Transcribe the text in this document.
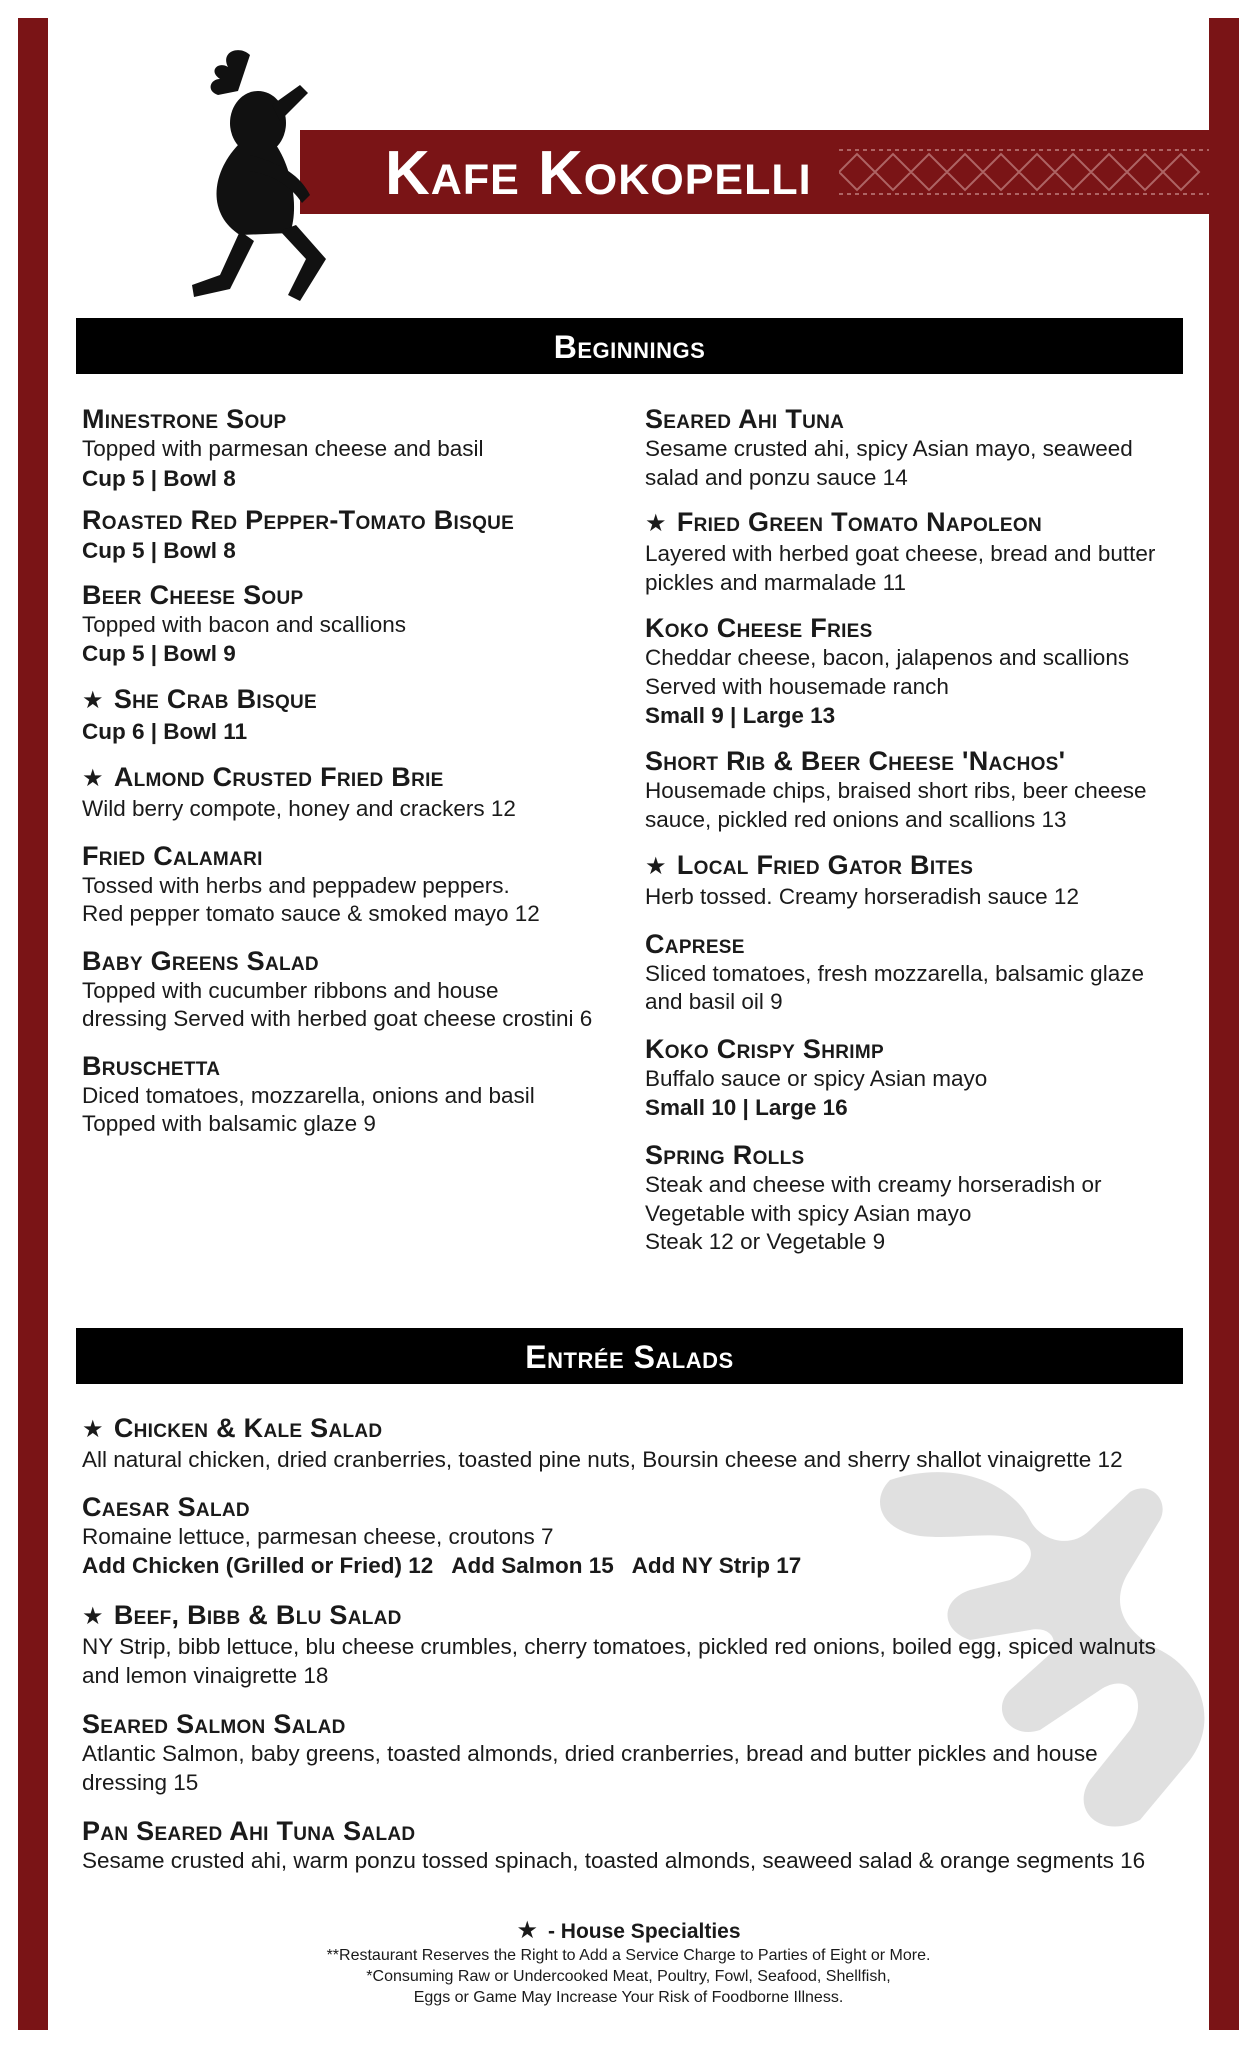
Kafe Kokopelli
Beginnings
Minestrone Soup
Topped with parmesan cheese and basil
Cup 5 | Bowl 8
Roasted Red Pepper-Tomato Bisque
Cup 5 | Bowl 8
Beer Cheese Soup
Topped with bacon and scallions
Cup 5 | Bowl 9
★ She Crab Bisque
Cup 6 | Bowl 11
★ Almond Crusted Fried Brie
Wild berry compote, honey and crackers 12
Fried Calamari
Tossed with herbs and peppadew peppers.
Red pepper tomato sauce & smoked mayo 12
Baby Greens Salad
Topped with cucumber ribbons and house
dressing Served with herbed goat cheese crostini 6
Bruschetta
Diced tomatoes, mozzarella, onions and basil
Topped with balsamic glaze 9
Seared Ahi Tuna
Sesame crusted ahi, spicy Asian mayo, seaweed
salad and ponzu sauce 14
★ Fried Green Tomato Napoleon
Layered with herbed goat cheese, bread and butter
pickles and marmalade 11
Koko Cheese Fries
Cheddar cheese, bacon, jalapenos and scallions
Served with housemade ranch
Small 9 | Large 13
Short Rib & Beer Cheese 'Nachos'
Housemade chips, braised short ribs, beer cheese
sauce, pickled red onions and scallions 13
★ Local Fried Gator Bites
Herb tossed. Creamy horseradish sauce 12
Caprese
Sliced tomatoes, fresh mozzarella, balsamic glaze
and basil oil 9
Koko Crispy Shrimp
Buffalo sauce or spicy Asian mayo
Small 10 | Large 16
Spring Rolls
Steak and cheese with creamy horseradish or
Vegetable with spicy Asian mayo
Steak 12 or Vegetable 9
Entrée Salads
★ Chicken & Kale Salad
All natural chicken, dried cranberries, toasted pine nuts, Boursin cheese and sherry shallot vinaigrette 12
Caesar Salad
Romaine lettuce, parmesan cheese, croutons 7
Add Chicken (Grilled or Fried) 12   Add Salmon 15   Add NY Strip 17
★ Beef, Bibb & Blu Salad
NY Strip, bibb lettuce, blu cheese crumbles, cherry tomatoes, pickled red onions, boiled egg, spiced walnuts
and lemon vinaigrette 18
Seared Salmon Salad
Atlantic Salmon, baby greens, toasted almonds, dried cranberries, bread and butter pickles and house
dressing 15
Pan Seared Ahi Tuna Salad
Sesame crusted ahi, warm ponzu tossed spinach, toasted almonds, seaweed salad & orange segments 16
★ - House Specialties
**Restaurant Reserves the Right to Add a Service Charge to Parties of Eight or More.
*Consuming Raw or Undercooked Meat, Poultry, Fowl, Seafood, Shellfish,
Eggs or Game May Increase Your Risk of Foodborne Illness.
